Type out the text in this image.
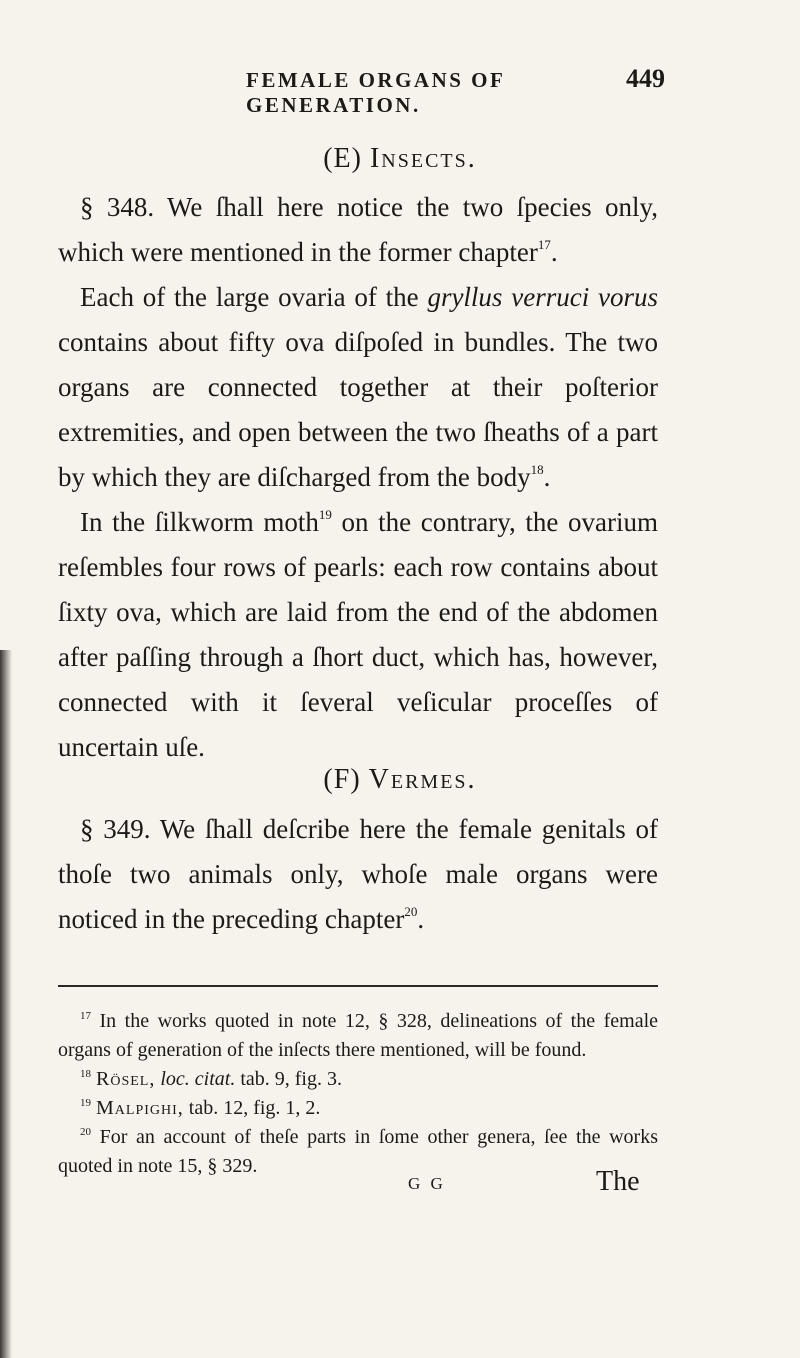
FEMALE ORGANS OF GENERATION.
449
(E) Insects.

§ 348. We ſhall here notice the two ſpecies only, which were mentioned in the former chapter$^{17}$.

Each of the large ovaria of the gryllus verruci vorus contains about fifty ova diſpoſed in bundles. The two organs are connected together at their poſterior extremities, and open between the two ſheaths of a part by which they are diſcharged from the body$^{18}$.

In the ſilkworm moth$^{19}$ on the contrary, the ovarium reſembles four rows of pearls: each row contains about ſixty ova, which are laid from the end of the abdomen after paſſing through a ſhort duct, which has, however, connected with it ſeveral veſicular proceſſes of uncertain uſe.

(F) Vermes.

§ 349. We ſhall deſcribe here the female genitals of thoſe two animals only, whoſe male organs were noticed in the preceding chapter$^{20}$.

$^{17}$ In the works quoted in note 12, § 328, delineations of the female organs of generation of the inſects there mentioned, will be found.

$^{18}$ Rösel, loc. citat. tab. 9, fig. 3.

$^{19}$ Malpighi, tab. 12, fig. 1, 2.

$^{20}$ For an account of theſe parts in ſome other genera, ſee the works quoted in note 15, § 329.

G G	The
